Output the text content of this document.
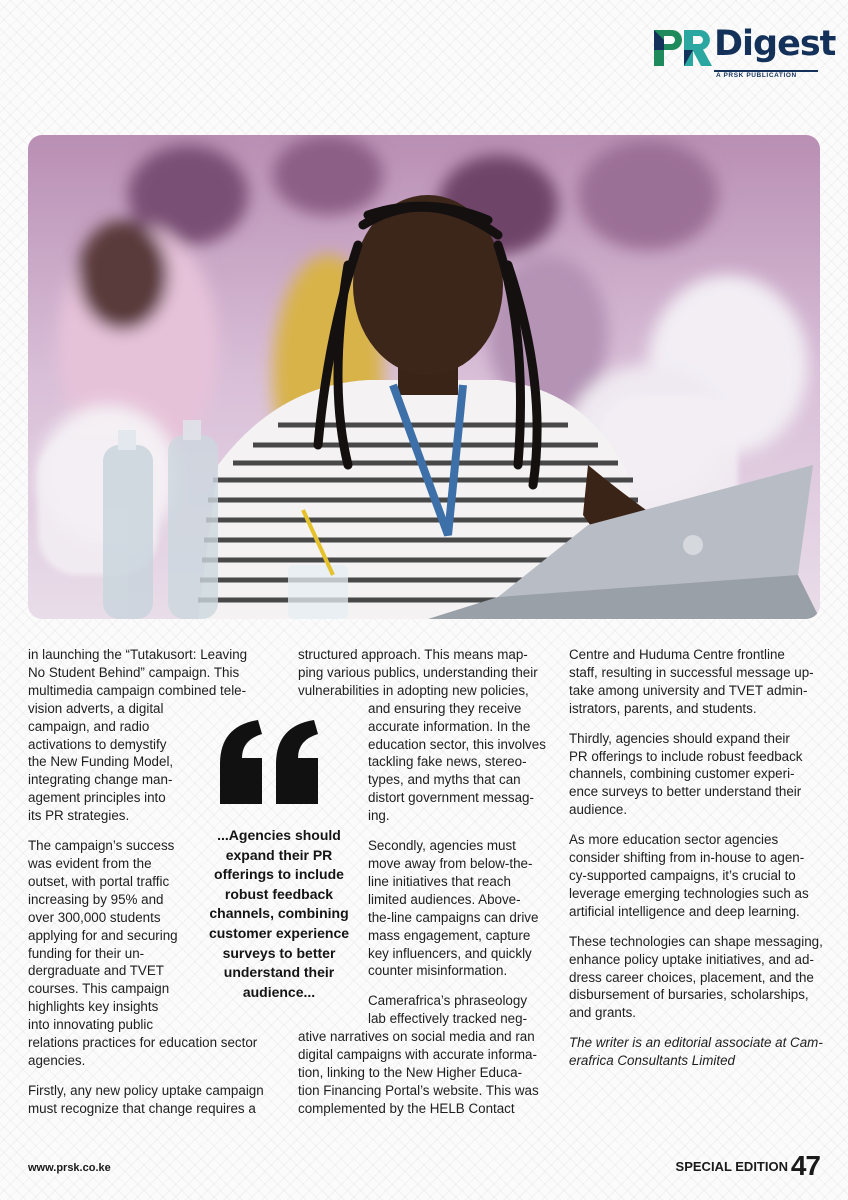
Digest
A PRSK PUBLICATION

in launching the “Tutakusort: Leaving
No Student Behind” campaign. This
multimedia campaign combined tele-
vision adverts, a digital
campaign, and radio
activations to demystify
the New Funding Model,
integrating change man-
agement principles into
its PR strategies.

The campaign’s success
was evident from the
outset, with portal traffic
increasing by 95% and
over 300,000 students
applying for and securing
funding for their un-
dergraduate and TVET
courses. This campaign
highlights key insights
into innovating public
relations practices for education sector
agencies.

Firstly, any new policy uptake campaign
must recognize that change requires a

...Agencies should
expand their PR
offerings to include
robust feedback
channels, combining
customer experience
surveys to better
understand their
audience...

structured approach. This means map-
ping various publics, understanding their
vulnerabilities in adopting new policies,
and ensuring they receive
accurate information. In the
education sector, this involves
tackling fake news, stereo-
types, and myths that can
distort government messag-
ing.

Secondly, agencies must
move away from below-the-
line initiatives that reach
limited audiences. Above-
the-line campaigns can drive
mass engagement, capture
key influencers, and quickly
counter misinformation.

Camerafrica’s phraseology
lab effectively tracked neg-
ative narratives on social media and ran
digital campaigns with accurate informa-
tion, linking to the New Higher Educa-
tion Financing Portal’s website. This was
complemented by the HELB Contact

Centre and Huduma Centre frontline
staff, resulting in successful message up-
take among university and TVET admin-
istrators, parents, and students.

Thirdly, agencies should expand their
PR offerings to include robust feedback
channels, combining customer experi-
ence surveys to better understand their
audience.

As more education sector agencies
consider shifting from in-house to agen-
cy-supported campaigns, it’s crucial to
leverage emerging technologies such as
artificial intelligence and deep learning.

These technologies can shape messaging,
enhance policy uptake initiatives, and ad-
dress career choices, placement, and the
disbursement of bursaries, scholarships,
and grants.

The writer is an editorial associate at Cam-
erafrica Consultants Limited

www.prsk.co.ke	SPECIAL EDITION 47
